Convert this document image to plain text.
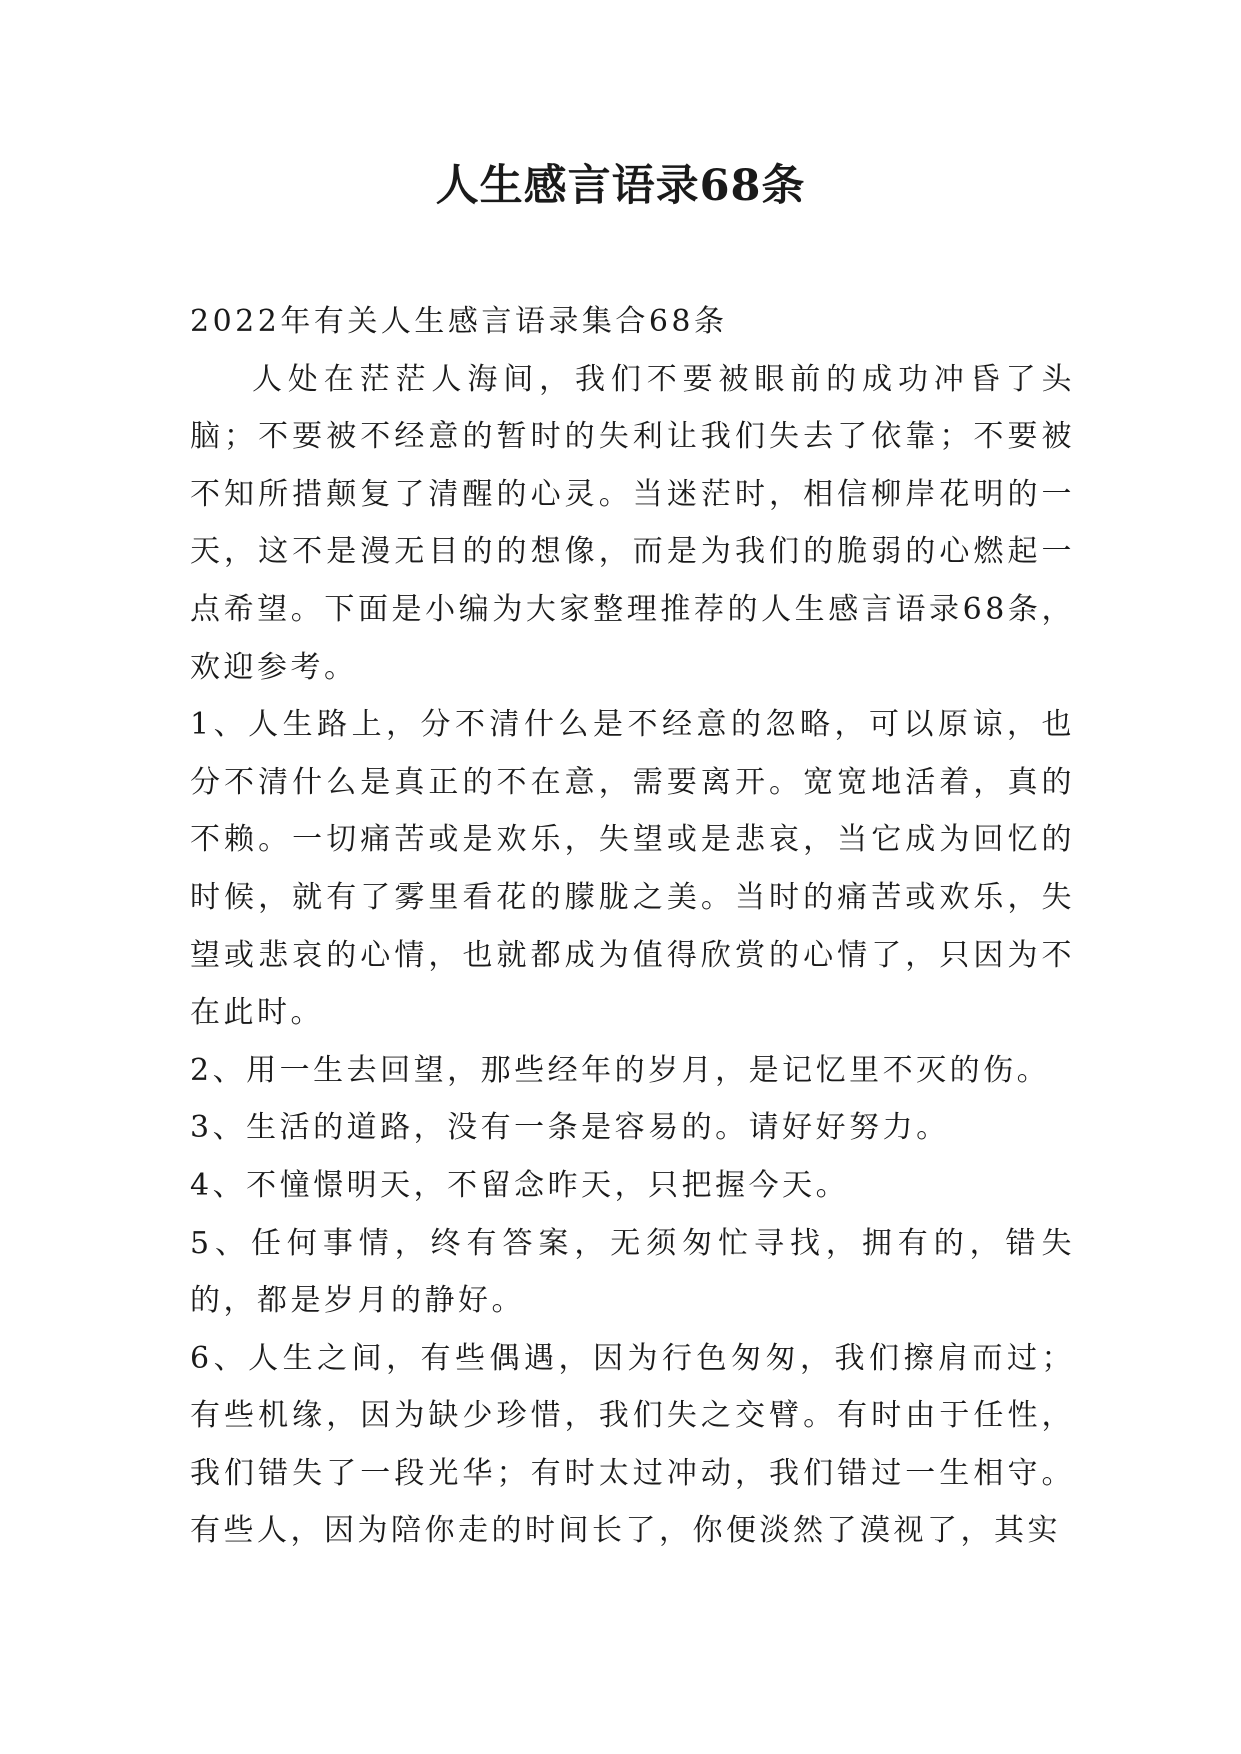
人生感言语录68条

2022年有关人生感言语录集合68条

人处在茫茫人海间，我们不要被眼前的成功冲昏了头脑；不要被不经意的暂时的失利让我们失去了依靠；不要被不知所措颠复了清醒的心灵。当迷茫时，相信柳岸花明的一天，这不是漫无目的的想像，而是为我们的脆弱的心燃起一点希望。下面是小编为大家整理推荐的人生感言语录68条，欢迎参考。

1、人生路上，分不清什么是不经意的忽略，可以原谅，也分不清什么是真正的不在意，需要离开。宽宽地活着，真的不赖。一切痛苦或是欢乐，失望或是悲哀，当它成为回忆的时候，就有了雾里看花的朦胧之美。当时的痛苦或欢乐，失望或悲哀的心情，也就都成为值得欣赏的心情了，只因为不在此时。

2、用一生去回望，那些经年的岁月，是记忆里不灭的伤。

3、生活的道路，没有一条是容易的。请好好努力。

4、不憧憬明天，不留念昨天，只把握今天。

5、任何事情，终有答案，无须匆忙寻找，拥有的，错失的，都是岁月的静好。

6、人生之间，有些偶遇，因为行色匆匆，我们擦肩而过；有些机缘，因为缺少珍惜，我们失之交臂。有时由于任性，我们错失了一段光华；有时太过冲动，我们错过一生相守。有些人，因为陪你走的时间长了，你便淡然了漠视了，其实
